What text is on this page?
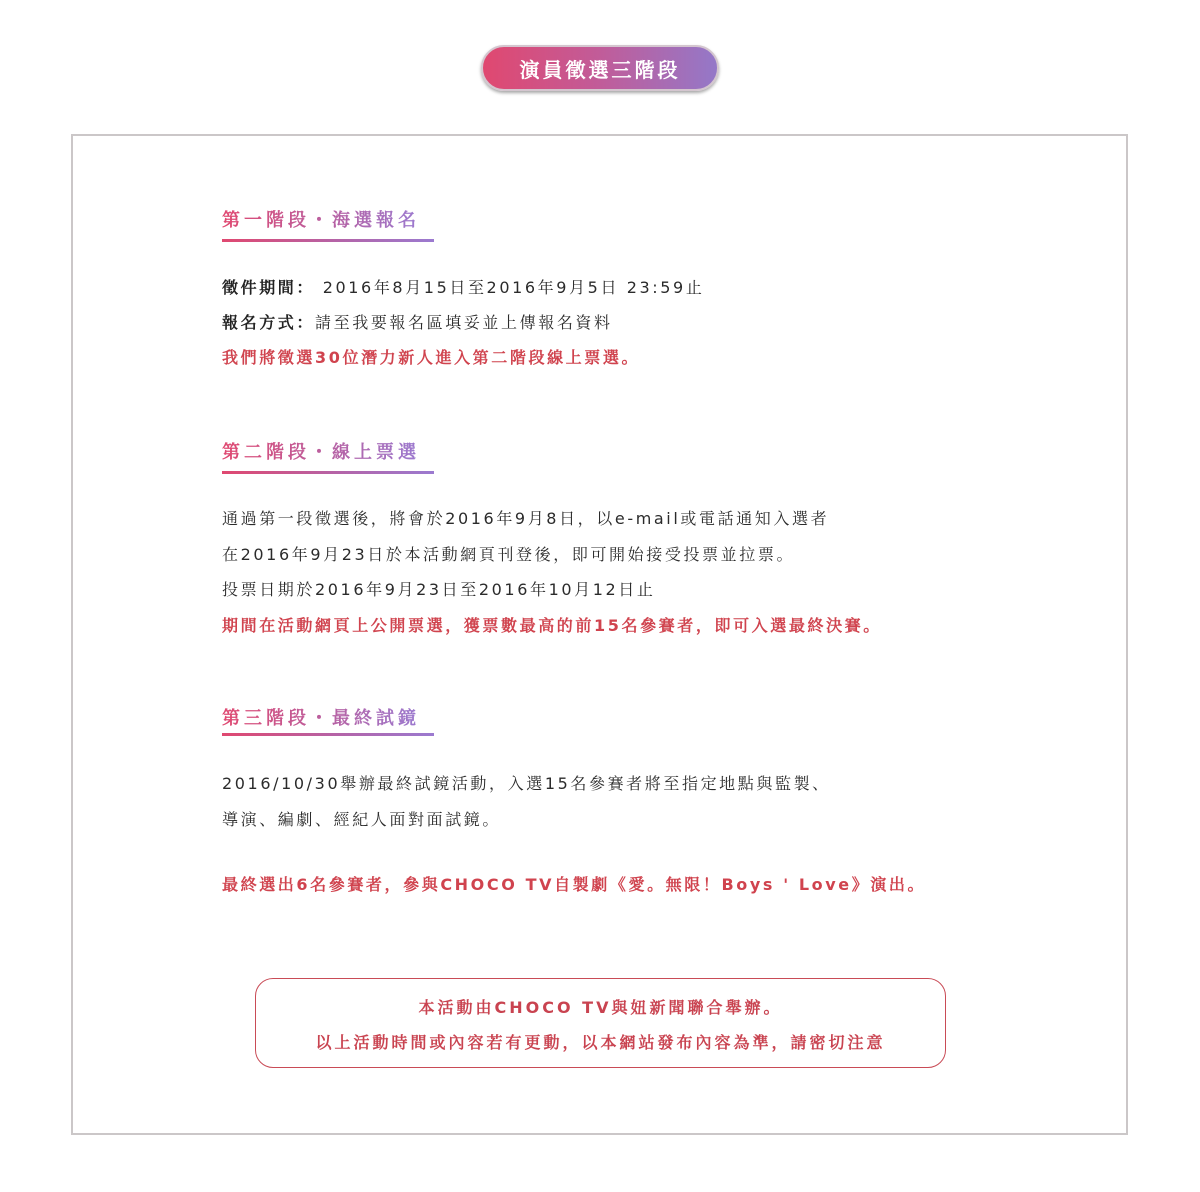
演員徵選三階段
第一階段・海選報名
徵件期間： 2016年8月15日至2016年9月5日 23:59止
報名方式：請至我要報名區填妥並上傳報名資料
我們將徵選30位潛力新人進入第二階段線上票選。
第二階段・線上票選
通過第一段徵選後，將會於2016年9月8日，以e-mail或電話通知入選者
在2016年9月23日於本活動網頁刊登後，即可開始接受投票並拉票。
投票日期於2016年9月23日至2016年10月12日止
期間在活動網頁上公開票選，獲票數最高的前15名參賽者，即可入選最終決賽。
第三階段・最終試鏡
2016/10/30舉辦最終試鏡活動，入選15名參賽者將至指定地點與監製、
導演、編劇、經紀人面對面試鏡。
最終選出6名參賽者，參與CHOCO TV自製劇《愛。無限！Boys ' Love》演出。
本活動由CHOCO TV與妞新聞聯合舉辦。
以上活動時間或內容若有更動，以本網站發布內容為準，請密切注意
